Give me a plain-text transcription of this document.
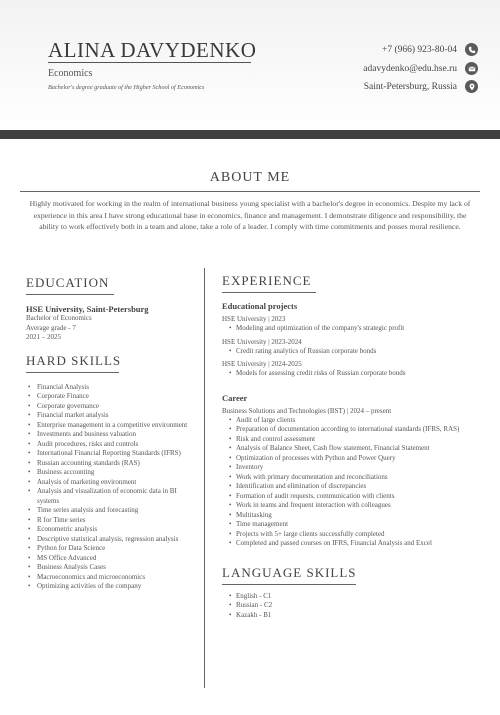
ALINA DAVYDENKO
Economics
Bachelor's degree graduate of the Higher School of Economics
+7 (966) 923-80-04
adavydenko@edu.hse.ru
Saint-Petersburg, Russia
ABOUT ME
Highly motivated for working in the realm of international business young specialist with a bachelor's degree in economics. Despite my lack of experience in this area I have strong educational base in economics, finance and management. I demonstrate diligence and responsibility, the ability to work effectively both in a team and alone, take a role of a leader. I comply with time commitments and posses moral resilience.
EDUCATION
HSE University, Saint-Petersburg
Bachelor of Economics
Average grade - 7
2021 – 2025
HARD SKILLS
• Financial Analysis
• Corporate Finance
• Corporate governance
• Financial market analysis
• Enterprise management in a competitive environment
• Investments and business valuation
• Audit procedures, risks and controls
• International Financial Reporting Standards (IFRS)
• Russian accounting standards (RAS)
• Business accounting
• Analysis of marketing environment
• Analysis and visualization of economic data in BI systems
• Time series analysis and forecasting
• R for Time series
• Econometric analysis
• Descriptive statistical analysis, regression analysis
• Python for Data Science
• MS Office Advanced
• Business Analysis Cases
• Macroeconomics and microeconomics
• Optimizing activities of the company
EXPERIENCE
Educational projects
HSE University | 2023
• Modeling and optimization of the company's strategic profit
HSE University | 2023-2024
• Credit rating analytics of Russian corporate bonds
HSE University | 2024-2025
• Models for assessing credit risks of Russian corporate bonds
Career
Business Solutions and Technologies (BST) | 2024 – present
• Audit of large clients
• Preparation of documentation according to international standards (IFRS, RAS)
• Risk and control assessment
• Analysis of Balance Sheet, Cash flow statement, Financial Statement
• Optimization of processes with Python and Power Query
• Inventory
• Work with primary documentation and reconciliations
• Identification and elimination of discrepancies
• Formation of audit requests, communication with clients
• Work in teams and frequent interaction with colleagues
• Multitasking
• Time management
• Projects with 5+ large clients successfully completed
• Completed and passed courses on IFRS, Financial Analysis and Excel
LANGUAGE SKILLS
• English - C1
• Russian - C2
• Kazakh - B1
